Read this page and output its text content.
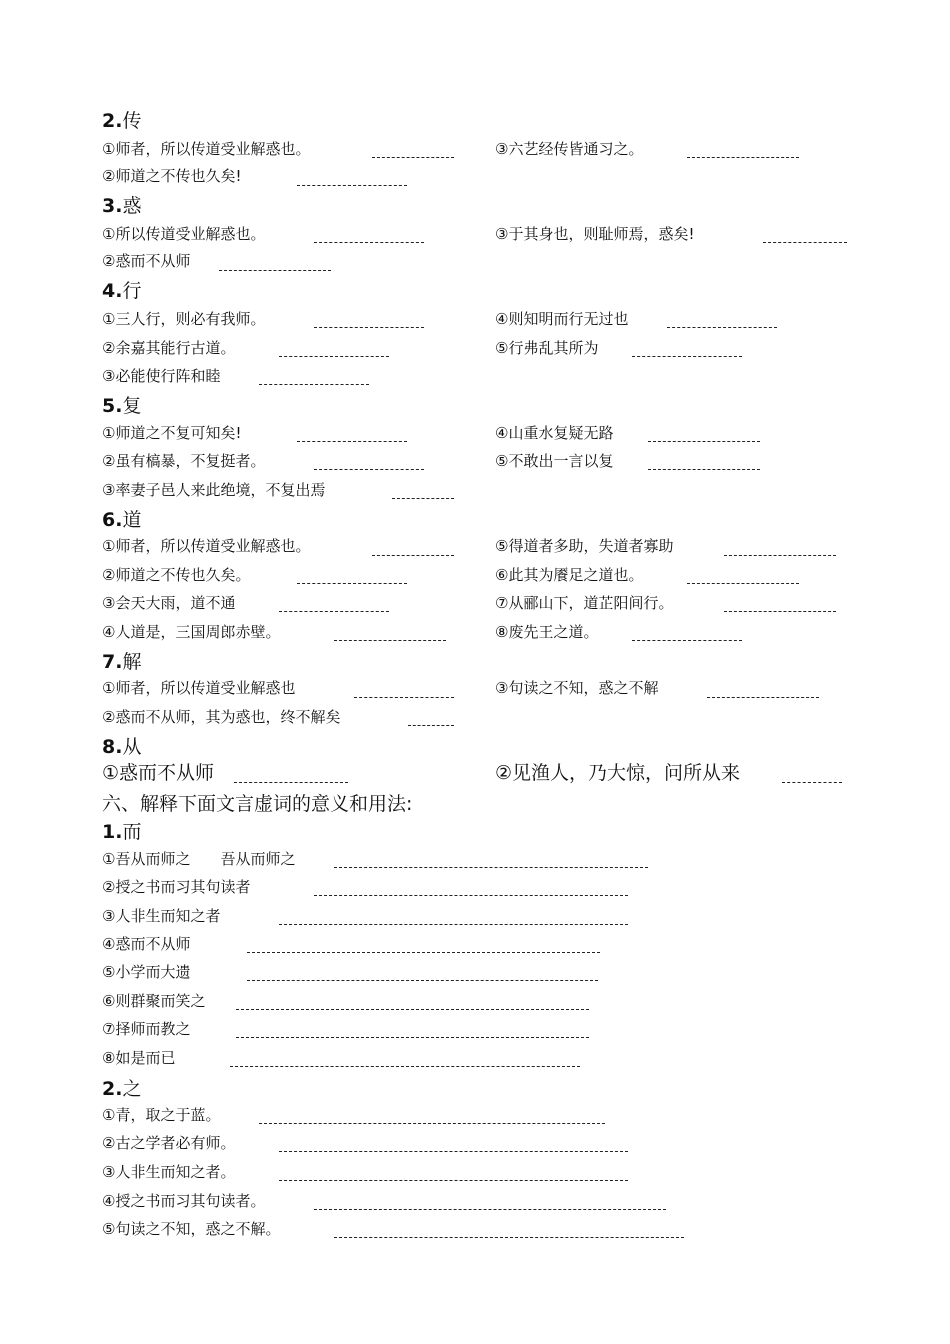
2.传
①师者，所以传道受业解惑也。	③六艺经传皆通习之。
②师道之不传也久矣!
3.惑
①所以传道受业解惑也。	③于其身也，则耻师焉，惑矣!
②惑而不从师
4.行
①三人行，则必有我师。	④则知明而行无过也
②余嘉其能行古道。	⑤行弗乱其所为
③必能使行阵和睦
5.复
①师道之不复可知矣!	④山重水复疑无路
②虽有槁暴，不复挺者。	⑤不敢出一言以复
③率妻子邑人来此绝境，不复出焉
6.道
①师者，所以传道受业解惑也。	⑤得道者多助，失道者寡助
②师道之不传也久矣。	⑥此其为餍足之道也。
③会天大雨，道不通	⑦从郦山下，道芷阳间行。
④人道是，三国周郎赤壁。	⑧废先王之道。
7.解
①师者，所以传道受业解惑也	③句读之不知，惑之不解
②惑而不从师，其为惑也，终不解矣
8.从
①惑而不从师	②见渔人，乃大惊，问所从来
六、解释下面文言虚词的意义和用法:
1.而
①吾从而师之　　吾从而师之
②授之书而习其句读者
③人非生而知之者
④惑而不从师
⑤小学而大遗
⑥则群聚而笑之
⑦择师而教之
⑧如是而已
2.之
①青，取之于蓝。
②古之学者必有师。
③人非生而知之者。
④授之书而习其句读者。
⑤句读之不知，惑之不解。
